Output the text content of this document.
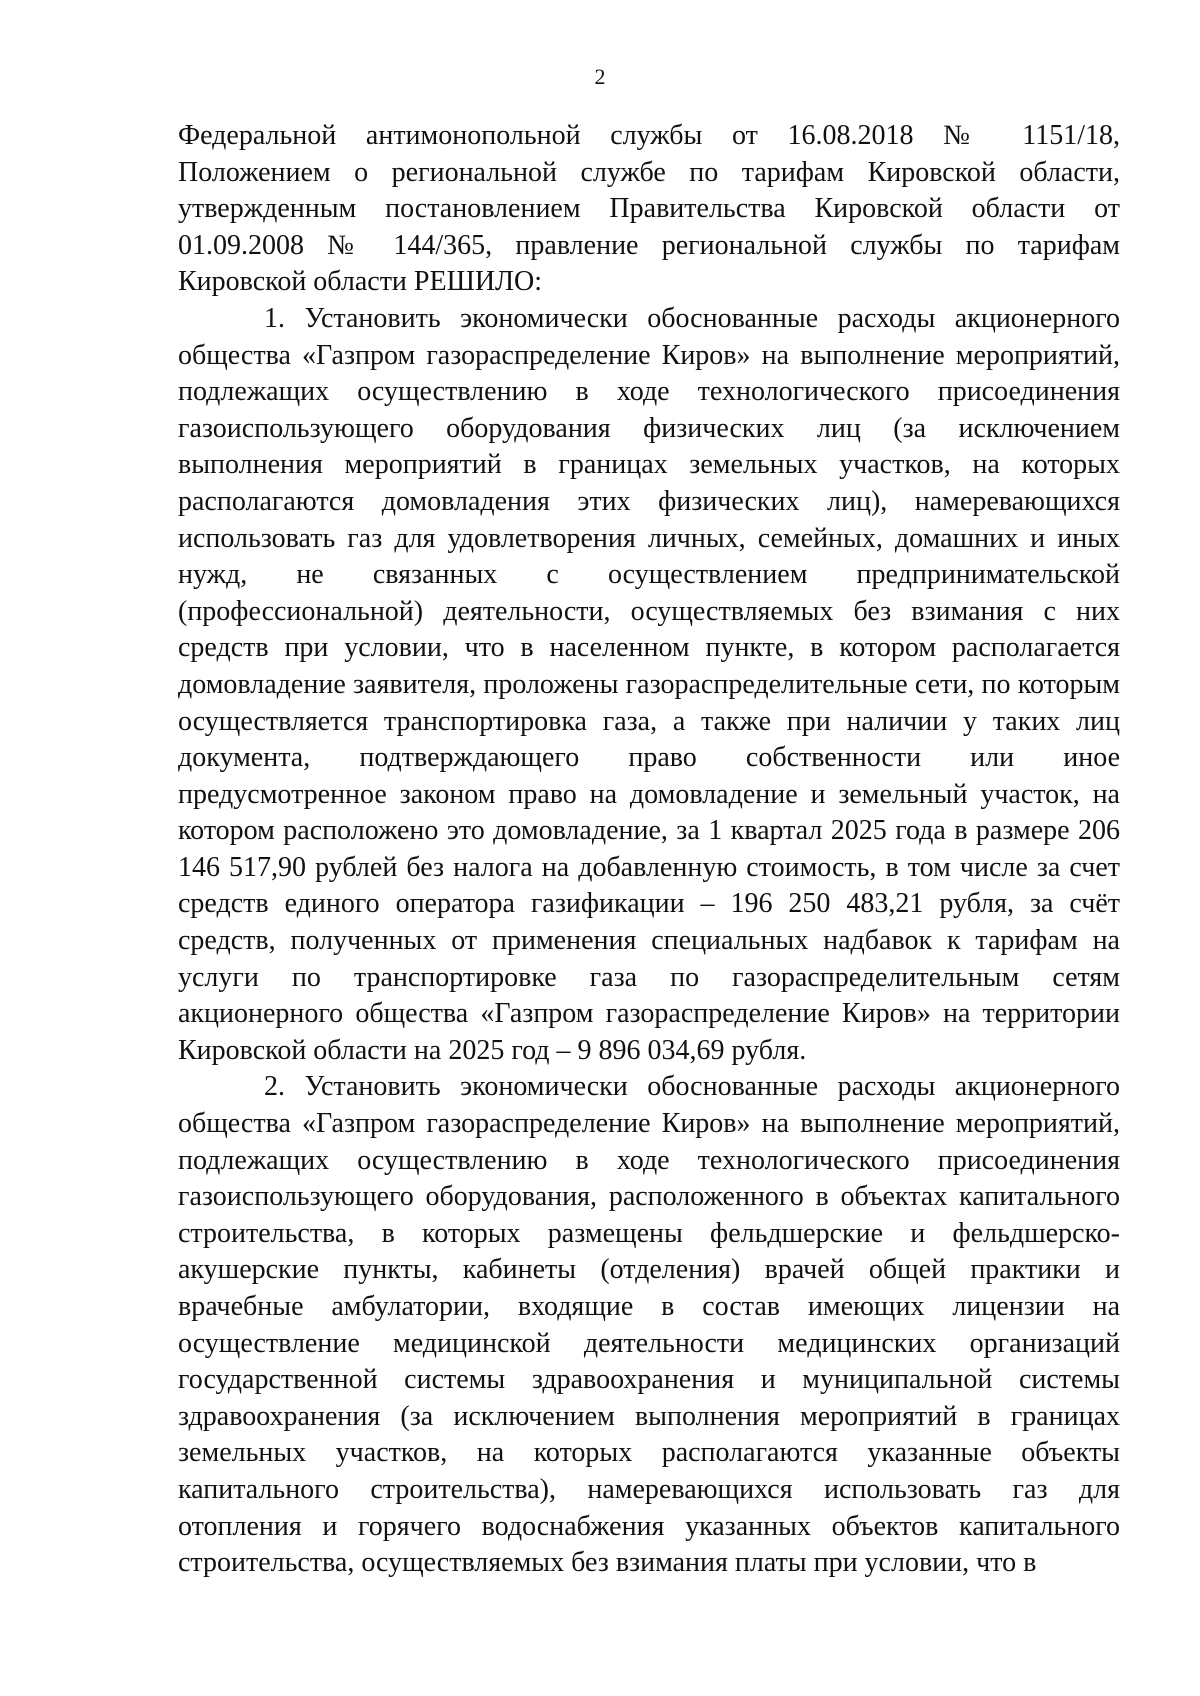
2

Федеральной антимонопольной службы от 16.08.2018 № 1151/18, Положением о региональной службе по тарифам Кировской области, утвержденным постановлением Правительства Кировской области от 01.09.2008 № 144/365, правление региональной службы по тарифам Кировской области РЕШИЛО:

1. Установить экономически обоснованные расходы акционерного общества «Газпром газораспределение Киров» на выполнение мероприятий, подлежащих осуществлению в ходе технологического присоединения газоиспользующего оборудования физических лиц (за исключением выполнения мероприятий в границах земельных участков, на которых располагаются домовладения этих физических лиц), намеревающихся использовать газ для удовлетворения личных, семейных, домашних и иных нужд, не связанных с осуществлением предпринимательской (профессиональной) деятельности, осуществляемых без взимания с них средств при условии, что в населенном пункте, в котором располагается домовладение заявителя, проложены газораспределительные сети, по которым осуществляется транспортировка газа, а также при наличии у таких лиц документа, подтверждающего право собственности или иное предусмотренное законом право на домовладение и земельный участок, на котором расположено это домовладение, за 1 квартал 2025 года в размере 206 146 517,90 рублей без налога на добавленную стоимость, в том числе за счет средств единого оператора газификации – 196 250 483,21 рубля, за счёт средств, полученных от применения специальных надбавок к тарифам на услуги по транспортировке газа по газораспределительным сетям акционерного общества «Газпром газораспределение Киров» на территории Кировской области на 2025 год – 9 896 034,69 рубля.

2. Установить экономически обоснованные расходы акционерного общества «Газпром газораспределение Киров» на выполнение мероприятий, подлежащих осуществлению в ходе технологического присоединения газоиспользующего оборудования, расположенного в объектах капитального строительства, в которых размещены фельдшерские и фельдшерско-акушерские пункты, кабинеты (отделения) врачей общей практики и врачебные амбулатории, входящие в состав имеющих лицензии на осуществление медицинской деятельности медицинских организаций государственной системы здравоохранения и муниципальной системы здравоохранения (за исключением выполнения мероприятий в границах земельных участков, на которых располагаются указанные объекты капитального строительства), намеревающихся использовать газ для отопления и горячего водоснабжения указанных объектов капитального строительства, осуществляемых без взимания платы при условии, что в
